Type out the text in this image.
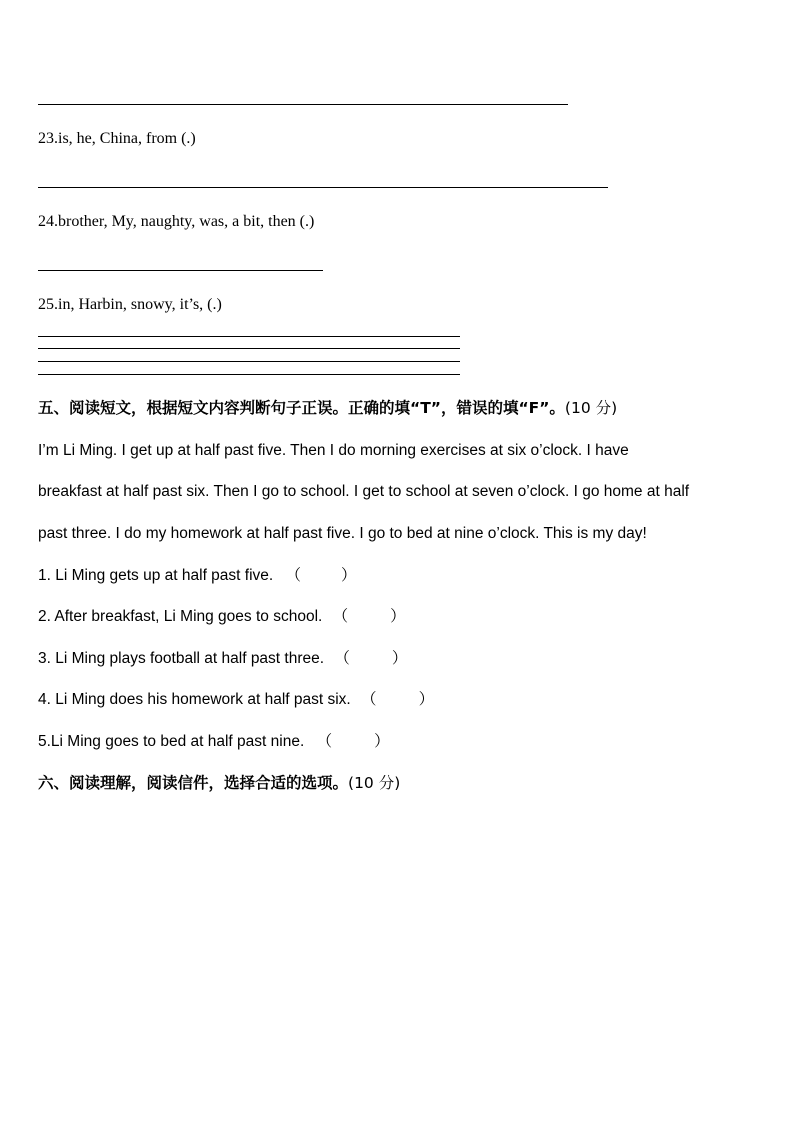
23.is, he, China, from (.)
24.brother, My, naughty, was, a bit, then (.)
25.in, Harbin, snowy, it’s, (.)
五、阅读短文，根据短文内容判断句子正误。正确的填“T”，错误的填“F”。(10 分)
I’m Li Ming. I get up at half past five. Then I do morning exercises at six o’clock. I have
breakfast at half past six. Then I go to school. I get to school at seven o’clock. I go home at half
past three. I do my homework at half past five. I go to bed at nine o’clock. This is my day!
1. Li Ming gets up at half past five. （	）
2. After breakfast, Li Ming goes to school. （	）
3. Li Ming plays football at half past three. （	）
4. Li Ming does his homework at half past six. （	）
5.Li Ming goes to bed at half past nine. （	）
六、阅读理解，阅读信件，选择合适的选项。(10 分)
